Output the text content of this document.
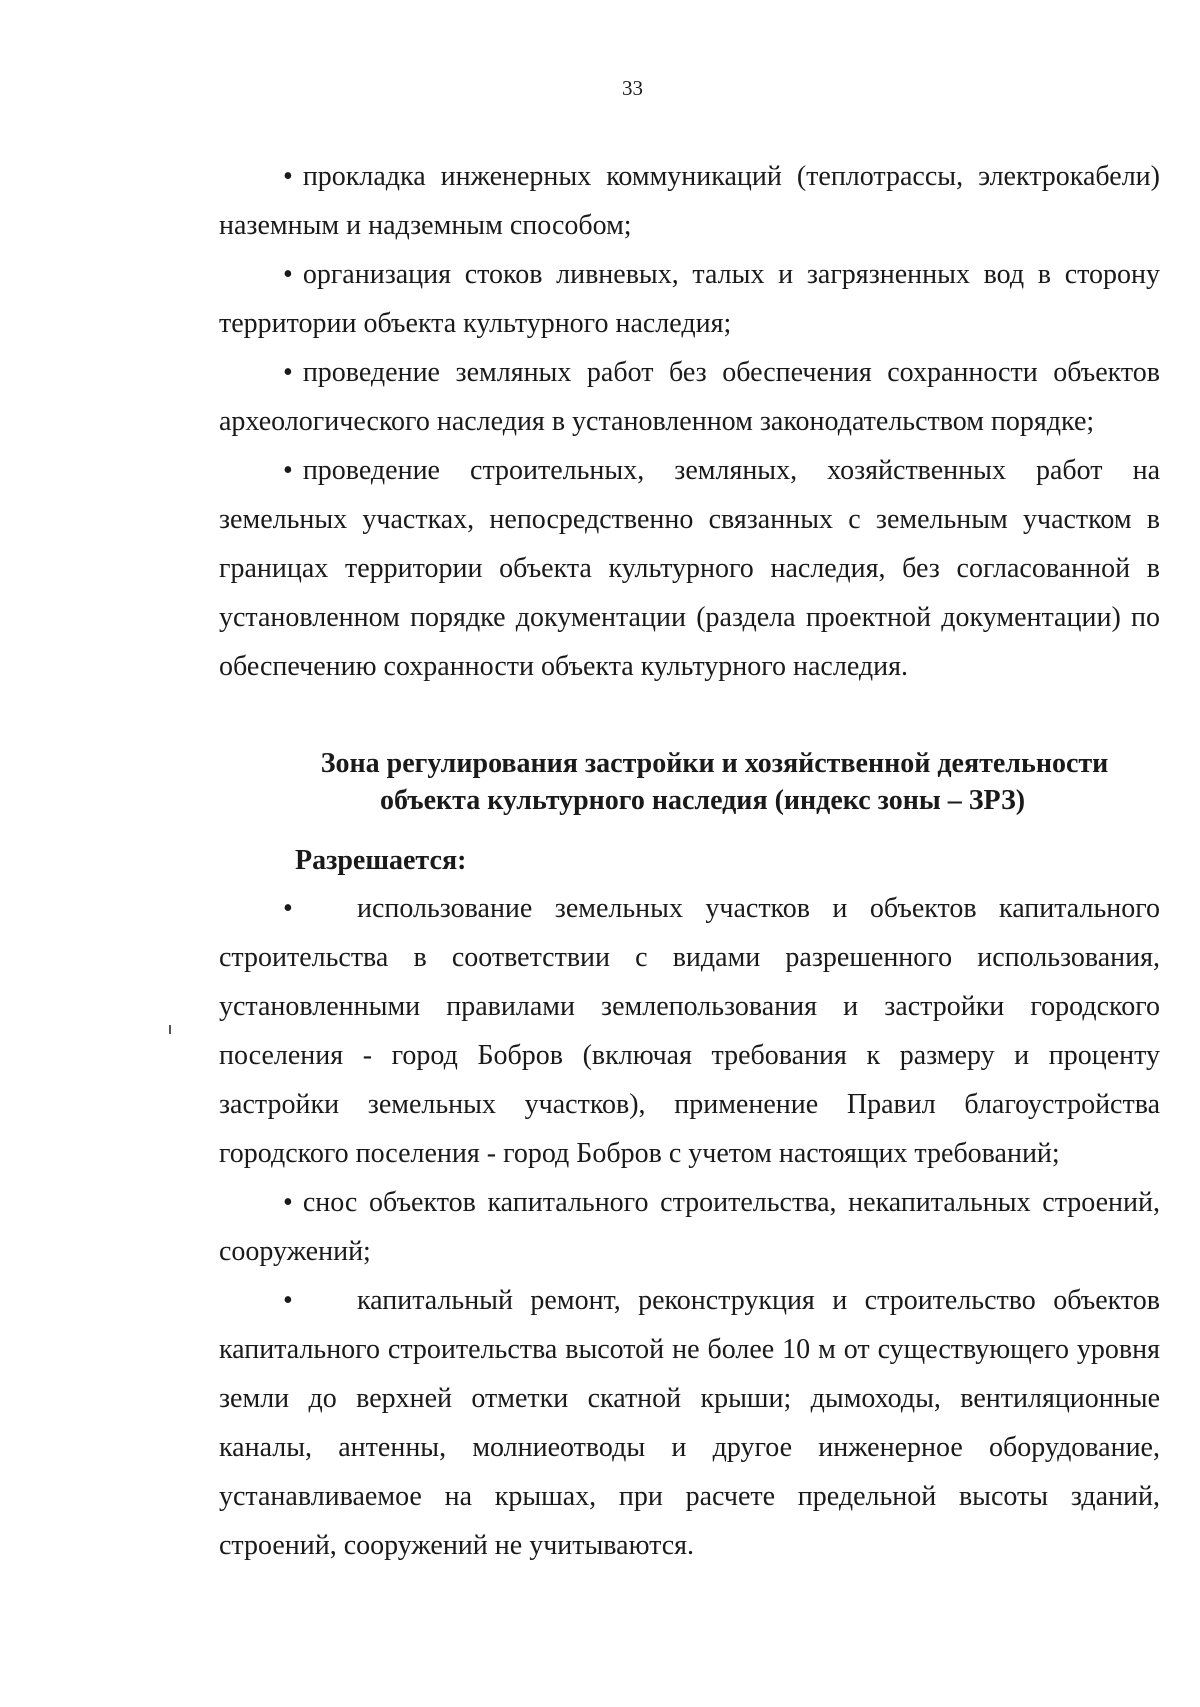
33

• прокладка инженерных коммуникаций (теплотрассы, электрокабели) наземным и надземным способом;

• организация стоков ливневых, талых и загрязненных вод в сторону территории объекта культурного наследия;

• проведение земляных работ без обеспечения сохранности объектов археологического наследия в установленном законодательством порядке;

• проведение строительных, земляных, хозяйственных работ на земельных участках, непосредственно связанных с земельным участком в границах территории объекта культурного наследия, без согласованной в установленном порядке документации (раздела проектной документации) по обеспечению сохранности объекта культурного наследия.

Зона регулирования застройки и хозяйственной деятельности
объекта культурного наследия (индекс зоны – ЗРЗ)
Разрешается:

• использование земельных участков и объектов капитального строительства в соответствии с видами разрешенного использования, установленными правилами землепользования и застройки городского поселения - город Бобров (включая требования к размеру и проценту застройки земельных участков), применение Правил благоустройства городского поселения - город Бобров с учетом настоящих требований;

• снос объектов капитального строительства, некапитальных строений, сооружений;

• капитальный ремонт, реконструкция и строительство объектов капитального строительства высотой не более 10 м от существующего уровня земли до верхней отметки скатной крыши; дымоходы, вентиляционные каналы, антенны, молниеотводы и другое инженерное оборудование, устанавливаемое на крышах, при расчете предельной высоты зданий, строений, сооружений не учитываются.
